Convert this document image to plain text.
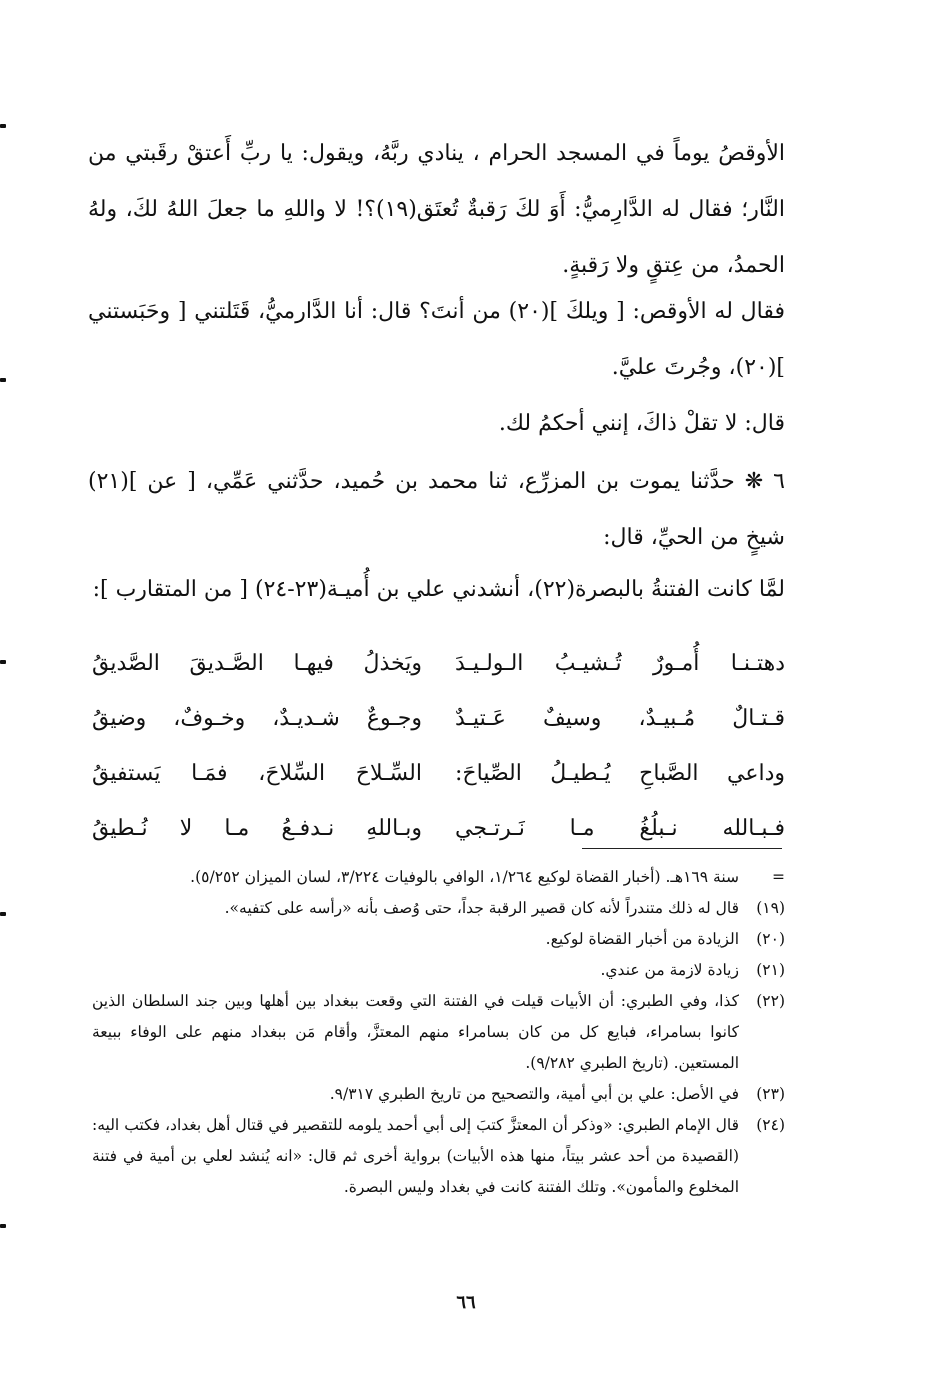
الأوقصُ يوماً في المسجد الحرام ، ينادي ربَّهُ، ويقول: يا ربِّ أَعتقْ رقَبتي من النَّار؛ فقال له الدَّارِميُّ: أَوَ لكَ رَقبةٌ تُعتَق(١٩)؟! لا واللهِ ما جعلَ اللهُ لكَ، ولهُ الحمدُ، من عِتقٍ ولا رَقبةٍ.

فقال له الأوقص: [ ويلكَ ](٢٠) من أنتَ؟ قال: أنا الدَّارميُّ، قَتَلتني [ وحَبَستني ](٢٠)، وجُرتَ عليَّ.

قال: لا تقلْ ذاكَ، إنني أحكمُ لك.

٦ ❋ حدَّثنا يموت بن المزرِّع، ثنا محمد بن حُميد، حدَّثني عَمِّي، [ عن ](٢١) شيخٍ من الحيِّ، قال:

لمَّا كانت الفتنةُ بالبصرة(٢٢)، أنشدني علي بن أُميـة(٢٣-٢٤) [ من المتقارب ]:

دهتـنـا أُمـورٌ تُـشيـبُ الـولـيـدَ
ويَخذلُ فيهـا الصَّـديقَ الصَّديقُ
قـتـالٌ مُـبيـدٌ، وسيفٌ عَـتيـدٌ
وجـوعٌ شـديـدٌ، وخـوفٌ، وضيقُ
وداعي الصَّباحِ يُـطيـلُ الصِّياحَ:
السِّـلاحَ السِّلاحَ، فمَـا يَستفيقُ
فـبـالله نـبلُغُ مـا نَـرتـجي
وبـاللهِ نـدفـعُ مـا لا نُـطيقُ
=
سنة ١٦٩هـ. (أخبار القضاة لوكيع ١/٢٦٤، الوافي بالوفيات ٣/٢٢٤، لسان الميزان ٥/٢٥٢).
(١٩)
قال له ذلك متندراً لأنه كان قصير الرقبة جداً، حتى وُصف بأنه «رأسه على كتفيه».
(٢٠)
الزيادة من أخبار القضاة لوكيع.
(٢١)
زيادة لازمة من عندي.
(٢٢)
كذا، وفي الطبري: أن الأبيات قيلت في الفتنة التي وقعت ببغداد بين أهلها وبين جند السلطان الذين كانوا بسامراء، فبايع كل من كان بسامراء منهم المعتزَّ، وأقام مَن ببغداد منهم على الوفاء ببيعة المستعين. (تاريخ الطبري ٩/٢٨٢).
(٢٣)
في الأصل: علي بن أبي أمية، والتصحيح من تاريخ الطبري ٩/٣١٧.
(٢٤)
قال الإمام الطبري: «وذكر أن المعتزَّ كتبَ إلى أبي أحمد يلومه للتقصير في قتال أهل بغداد، فكتب اليه: (القصيدة من أحد عشر بيتاً، منها هذه الأبيات) برواية أخرى ثم قال: «انه يُنشد لعلي بن أمية في فتنة المخلوع والمأمون». وتلك الفتنة كانت في بغداد وليس البصرة.
٦٦
